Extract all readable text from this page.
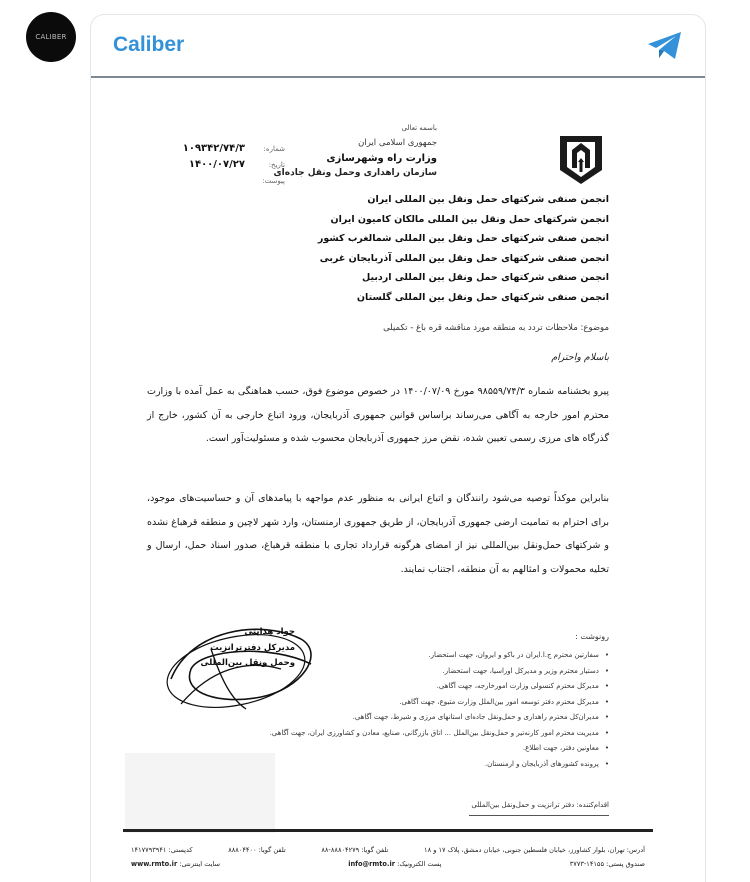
CALIBER Caliber
باسمه تعالی
جمهوری اسلامی ایران
وزارت راه وشهرسازی
سازمان راهداری وحمل ونقل جاده‌ای
شماره:
۱۰۹۳۴۲/۷۴/۳
تاریخ:
۱۴۰۰/۰۷/۲۷
پیوست:
انجمن صنفی شرکتهای حمل ونقل بین المللی ایران
انجمن شرکتهای حمل ونقل بین المللی مالکان کامیون ایران
انجمن صنفی شرکتهای حمل ونقل بین المللی شمالغرب کشور
انجمن صنفی شرکتهای حمل ونقل بین المللی آذربایجان غربی
انجمن صنفی شرکتهای حمل ونقل بین المللی اردبیل
انجمن صنفی شرکتهای حمل ونقل بین المللی گلستان
موضوع: ملاحظات تردد به منطقه مورد مناقشه قره باغ - تکمیلی
باسلام واحترام
پیرو بخشنامه شماره ۹۸۵۵۹/۷۴/۳ مورخ ۱۴۰۰/۰۷/۰۹ در خصوص موضوع فوق، حسب هماهنگی به عمل آمده با وزارت محترم امور خارجه به آگاهی می‌رساند براساس قوانین جمهوری آذربایجان، ورود اتباع خارجی به آن کشور، خارج از گذرگاه های مرزی رسمی تعیین شده، نقض مرز جمهوری آذربایجان محسوب شده و مسئولیت‌آور است.
بنابراین موکداً توصیه می‌شود رانندگان و اتباع ایرانی به منظور عدم مواجهه با پیامدهای آن و حساسیت‌های موجود، برای احترام به تمامیت ارضی جمهوری آذربایجان، از طریق جمهوری ارمنستان، وارد شهر لاچین و منطقه قرهباغ نشده و شرکتهای حمل‌ونقل بین‌المللی نیز از امضای هرگونه قرارداد تجاری با منطقه قرهباغ، صدور اسناد حمل، ارسال و تخلیه محمولات و امثالهم به آن منطقه، اجتناب نمایند.
جواد هدایتی
مدیرکل دفترترانزیت وحمل ونقل بین‌المللی
رونوشت :
• سفارتین محترم ج.ا.ایران در باکو و ایروان، جهت استحضار.
• دستیار محترم وزیر و مدیرکل اوراسیا، جهت استحضار.
• مدیرکل محترم کنسولی وزارت امورخارجه، جهت آگاهی.
• مدیرکل محترم دفتر توسعه امور بین‌الملل وزارت متبوع، جهت آگاهی.
• مدیران‌کل محترم راهداری و حمل‌ونقل جاده‌ای استانهای مرزی و شیرط، جهت آگاهی.
• مدیریت محترم امور کارنه‌تیر و حمل‌ونقل بین‌الملل ... اتاق بازرگانی، صنایع، معادن و کشاورزی ایران، جهت آگاهی.
• معاونین دفتر، جهت اطلاع.
• پرونده کشورهای آذربایجان و ارمنستان.
اقدام‌کننده: دفتر ترانزیت و حمل‌ونقل بین‌المللی
آدرس: تهران، بلوار کشاورز، خیابان فلسطین جنوبی، خیابان دمشق، پلاک ۱۷ و ۱۸
تلفن گویا: ۸۸۸۰۴۲۷۹-۸۸
تلفن گویا: ۸۸۸۰۴۴۰۰
کدپستی: ۱۴۱۷۷۹۳۹۴۱
صندوق پستی: ۱۴۱۵۵-۳۷۷۳
پست الکترونیک: info@rmto.ir
سایت اینترنتی: www.rmto.ir
